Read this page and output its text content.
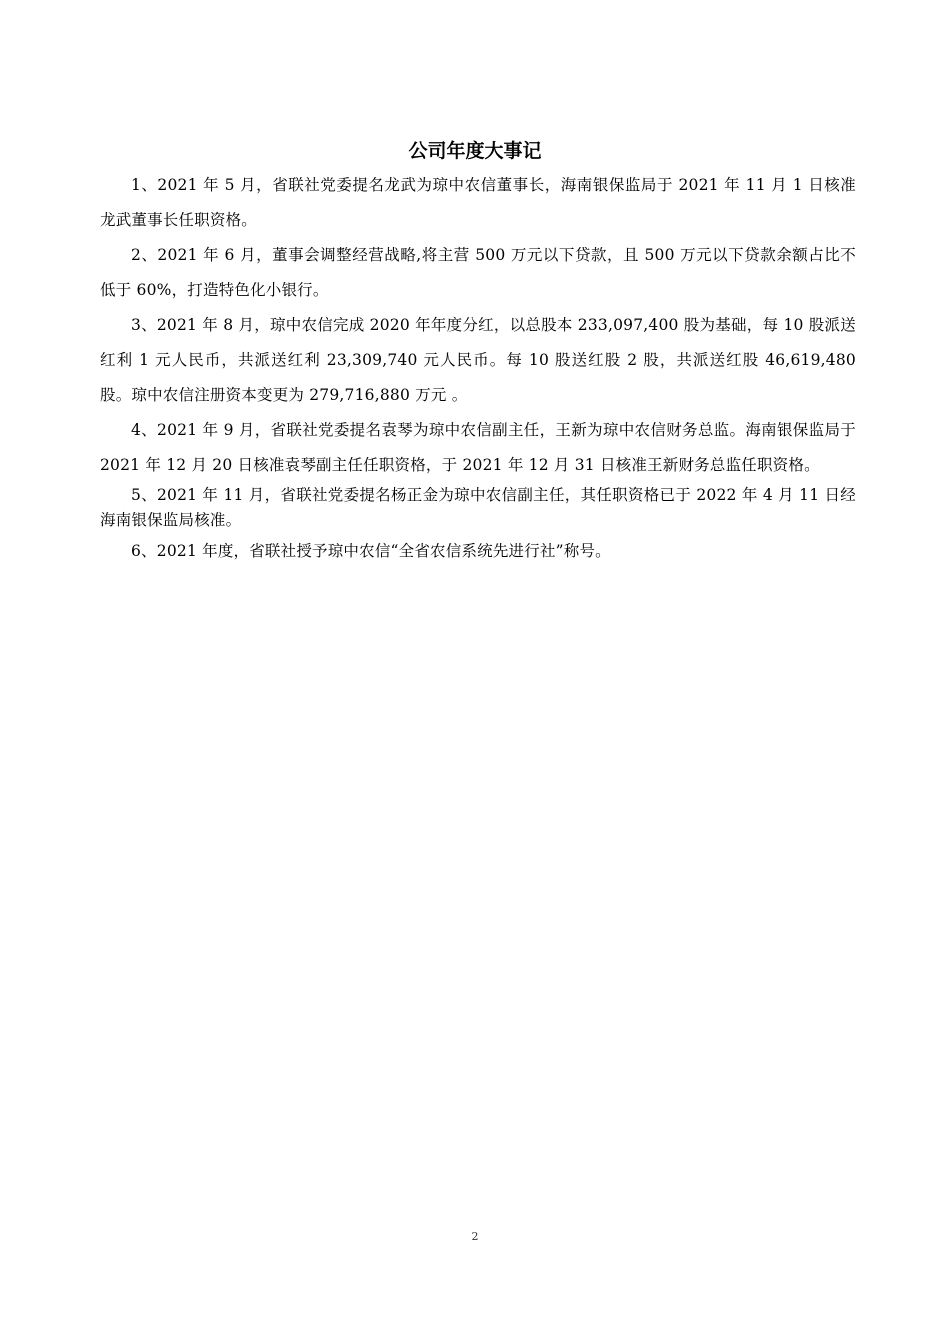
公司年度大事记

1、2021 年 5 月，省联社党委提名龙武为琼中农信董事长，海南银保监局于 2021 年 11 月 1 日核准龙武董事长任职资格。

2、2021 年 6 月，董事会调整经营战略,将主营 500 万元以下贷款，且 500 万元以下贷款余额占比不低于 60%，打造特色化小银行。

3、2021 年 8 月，琼中农信完成 2020 年年度分红，以总股本 233,097,400 股为基础，每 10 股派送红利 1 元人民币，共派送红利 23,309,740 元人民币。每 10 股送红股 2 股，共派送红股 46,619,480 股。琼中农信注册资本变更为 279,716,880 万元 。

4、2021 年 9 月，省联社党委提名袁琴为琼中农信副主任，王新为琼中农信财务总监。海南银保监局于 2021 年 12 月 20 日核准袁琴副主任任职资格，于 2021 年 12 月 31 日核准王新财务总监任职资格。

5、2021 年 11 月，省联社党委提名杨正金为琼中农信副主任，其任职资格已于 2022 年 4 月 11 日经海南银保监局核准。

6、2021 年度，省联社授予琼中农信“全省农信系统先进行社”称号。

2
